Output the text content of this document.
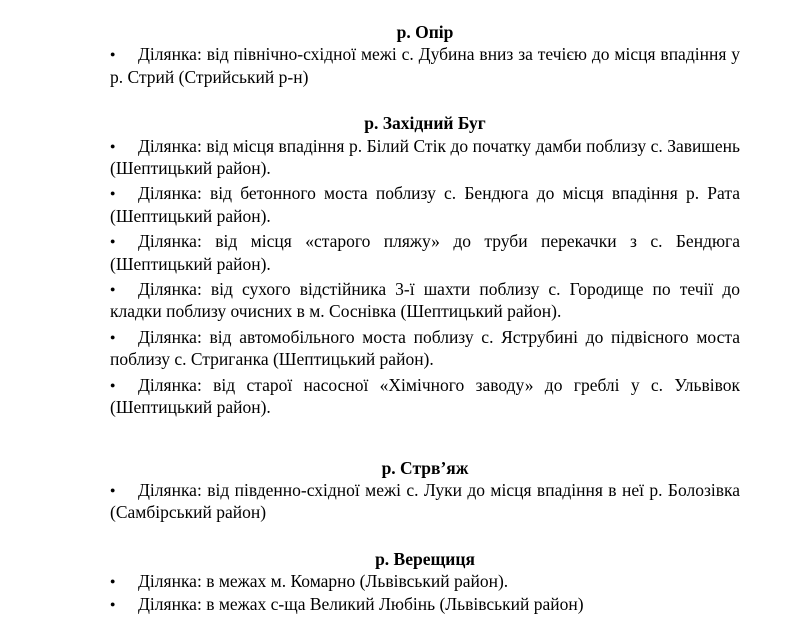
р. Опір

●Ділянка: від північно-східної межі с. Дубина вниз за течією до місця впадіння у р. Стрий (Стрийський р-н)

р. Західний Буг

●Ділянка: від місця впадіння р. Білий Стік до початку дамби поблизу с. Завишень (Шептицький район).

●Ділянка: від бетонного моста поблизу с. Бендюга до місця впадіння р. Рата (Шептицький район).

●Ділянка: від місця «старого пляжу» до труби перекачки з с. Бендюга (Шептицький район).

●Ділянка: від сухого відстійника 3-ї шахти поблизу с. Городище по течії до кладки поблизу очисних в м. Соснівка (Шептицький район).

●Ділянка: від автомобільного моста поблизу с. Яструбині до підвісного моста поблизу с. Стриганка (Шептицький район).

●Ділянка: від старої насосної «Хімічного заводу» до греблі у с. Ульвівок (Шептицький район).

р. Стрв’яж

●Ділянка: від південно-східної межі с. Луки до місця впадіння в неї р. Болозівка (Самбірський район)

р. Верещиця

●Ділянка: в межах м. Комарно (Львівський район).

●Ділянка: в межах с-ща Великий Любінь (Львівський район)
